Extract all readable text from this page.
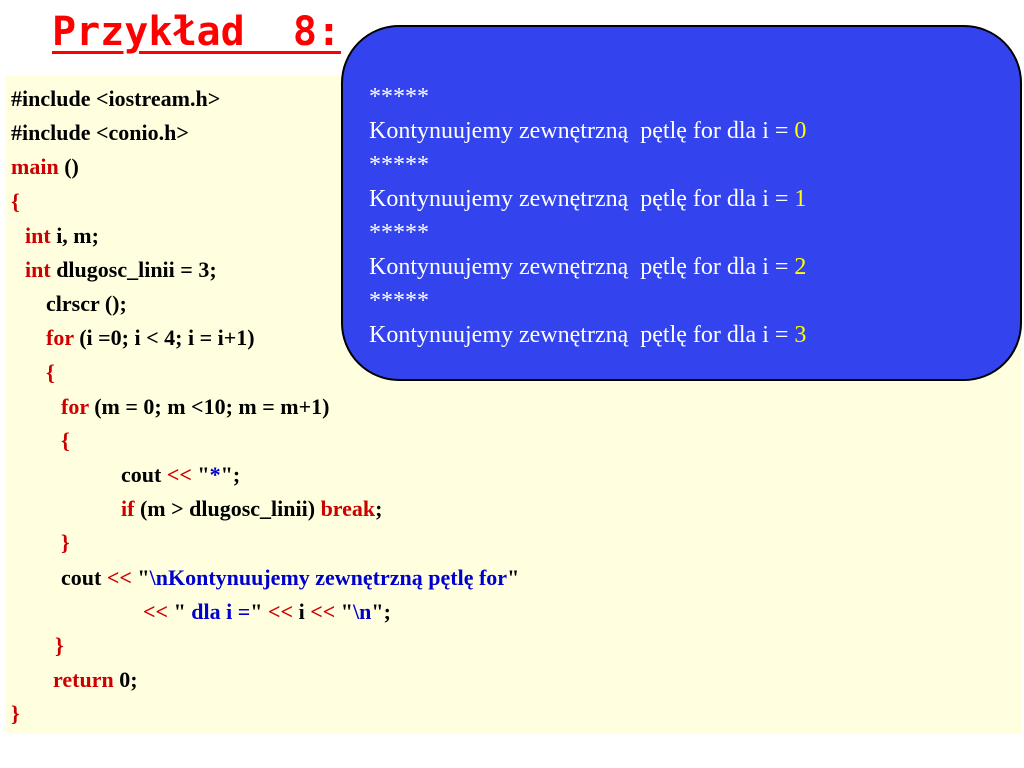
Przykład  8:
#include <iostream.h>
#include <conio.h>
main ()
{
int i, m;
int dlugosc_linii = 3;
clrscr ();
for (i =0; i < 4; i = i+1)
{
for (m = 0; m <10; m = m+1)
{
cout << "*";
if (m > dlugosc_linii) break;
}
cout << "\nKontynuujemy zewnętrzną pętlę for"
<< " dla i =" << i << "\n";
}
return 0;
}
*****
Kontynuujemy zewnętrzną  pętlę for dla i = 0
*****
Kontynuujemy zewnętrzną  pętlę for dla i = 1
*****
Kontynuujemy zewnętrzną  pętlę for dla i = 2
*****
Kontynuujemy zewnętrzną  pętlę for dla i = 3
